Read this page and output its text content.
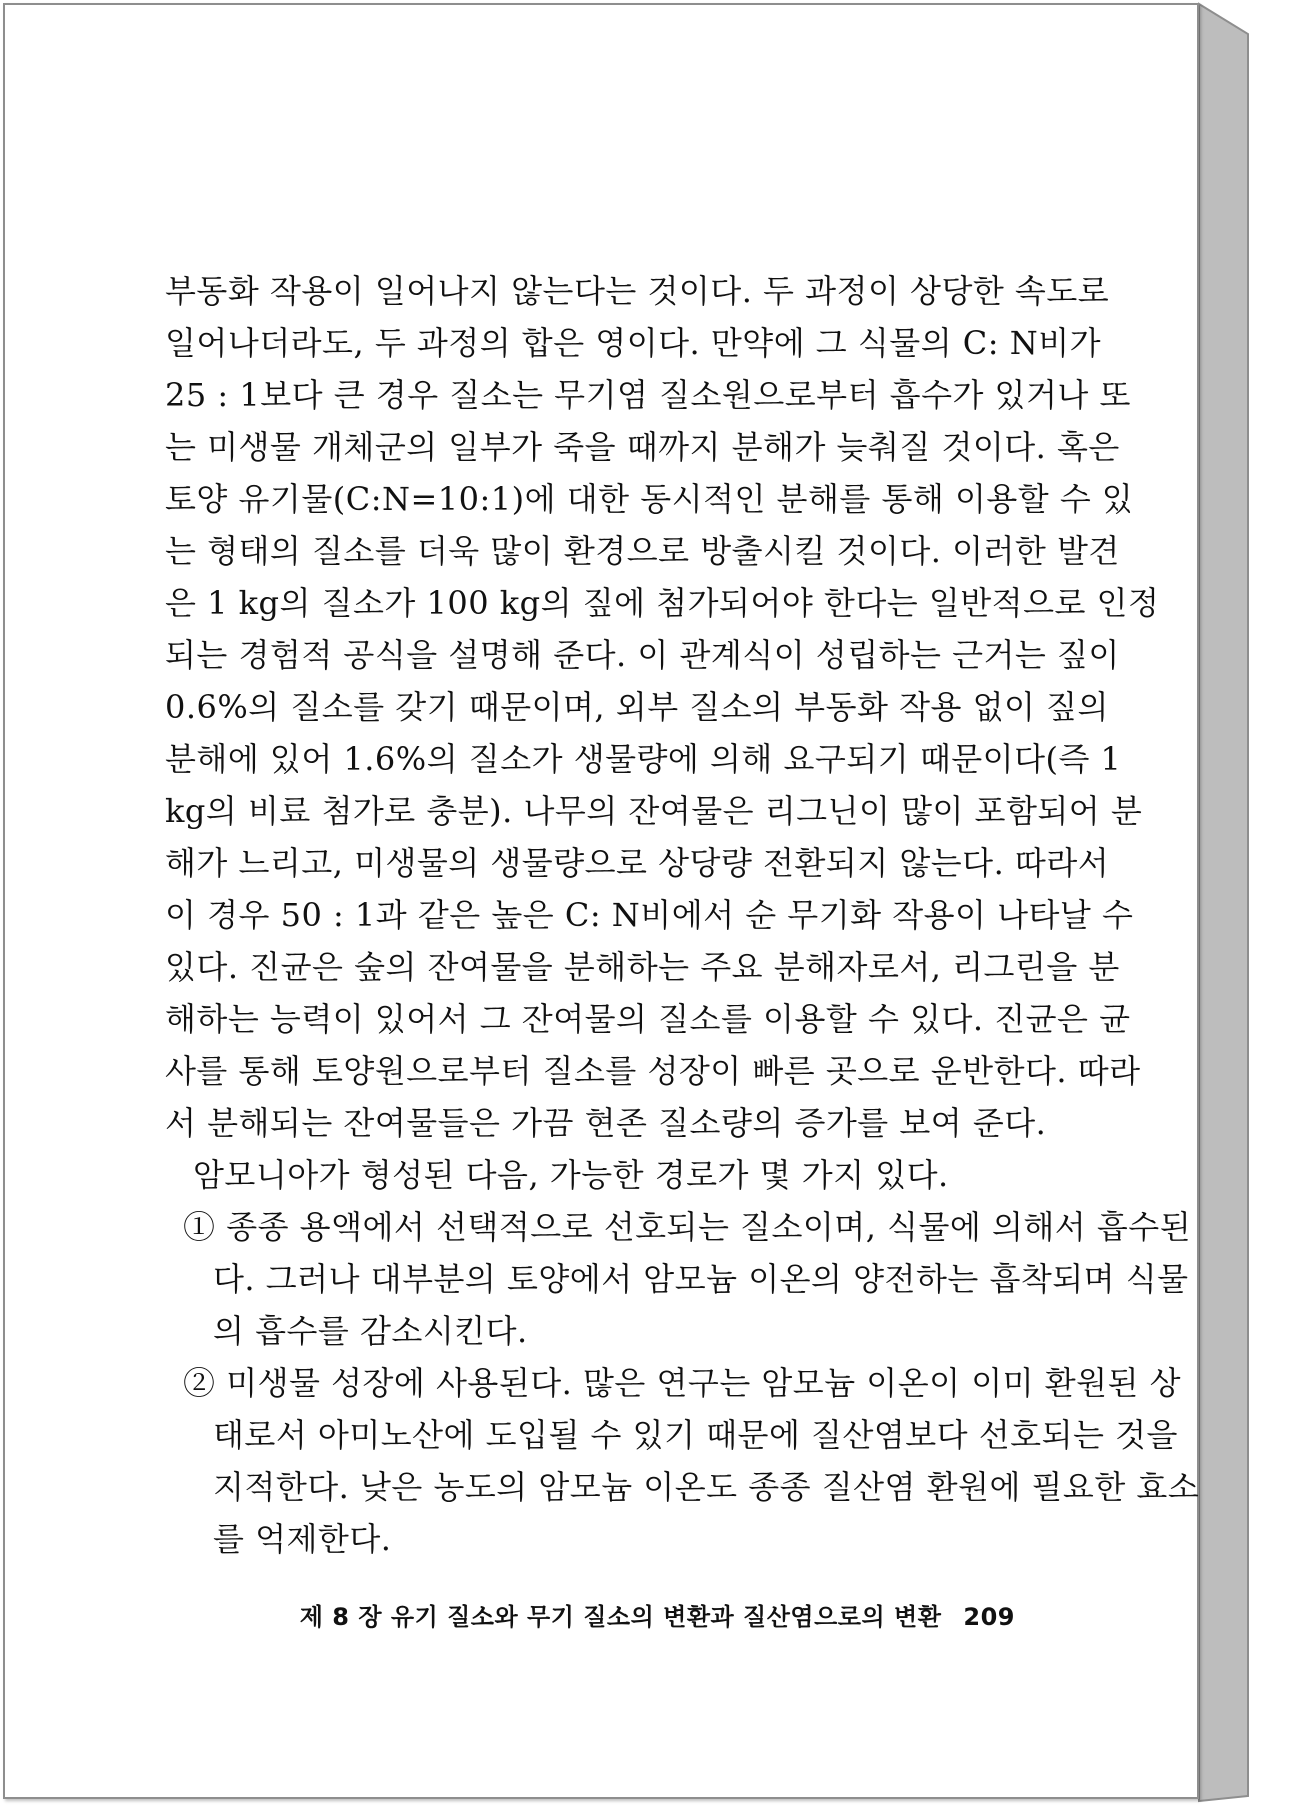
부동화 작용이 일어나지 않는다는 것이다. 두 과정이 상당한 속도로
일어나더라도, 두 과정의 합은 영이다. 만약에 그 식물의 C: N비가
25 : 1보다 큰 경우 질소는 무기염 질소원으로부터 흡수가 있거나 또
는 미생물 개체군의 일부가 죽을 때까지 분해가 늦춰질 것이다. 혹은
토양 유기물(C:N=10:1)에 대한 동시적인 분해를 통해 이용할 수 있
는 형태의 질소를 더욱 많이 환경으로 방출시킬 것이다. 이러한 발견
은 1 kg의 질소가 100 kg의 짚에 첨가되어야 한다는 일반적으로 인정
되는 경험적 공식을 설명해 준다. 이 관계식이 성립하는 근거는 짚이
0.6%의 질소를 갖기 때문이며, 외부 질소의 부동화 작용 없이 짚의
분해에 있어 1.6%의 질소가 생물량에 의해 요구되기 때문이다(즉 1
kg의 비료 첨가로 충분). 나무의 잔여물은 리그닌이 많이 포함되어 분
해가 느리고, 미생물의 생물량으로 상당량 전환되지 않는다. 따라서
이 경우 50 : 1과 같은 높은 C: N비에서 순 무기화 작용이 나타날 수
있다. 진균은 숲의 잔여물을 분해하는 주요 분해자로서, 리그린을 분
해하는 능력이 있어서 그 잔여물의 질소를 이용할 수 있다. 진균은 균
사를 통해 토양원으로부터 질소를 성장이 빠른 곳으로 운반한다. 따라
서 분해되는 잔여물들은 가끔 현존 질소량의 증가를 보여 준다.
암모니아가 형성된 다음, 가능한 경로가 몇 가지 있다.
① 종종 용액에서 선택적으로 선호되는 질소이며, 식물에 의해서 흡수된
다. 그러나 대부분의 토양에서 암모늄 이온의 양전하는 흡착되며 식물
의 흡수를 감소시킨다.
② 미생물 성장에 사용된다. 많은 연구는 암모늄 이온이 이미 환원된 상
태로서 아미노산에 도입될 수 있기 때문에 질산염보다 선호되는 것을
지적한다. 낮은 농도의 암모늄 이온도 종종 질산염 환원에 필요한 효소
를 억제한다.
제 8 장 유기 질소와 무기 질소의 변환과 질산염으로의 변환 209
